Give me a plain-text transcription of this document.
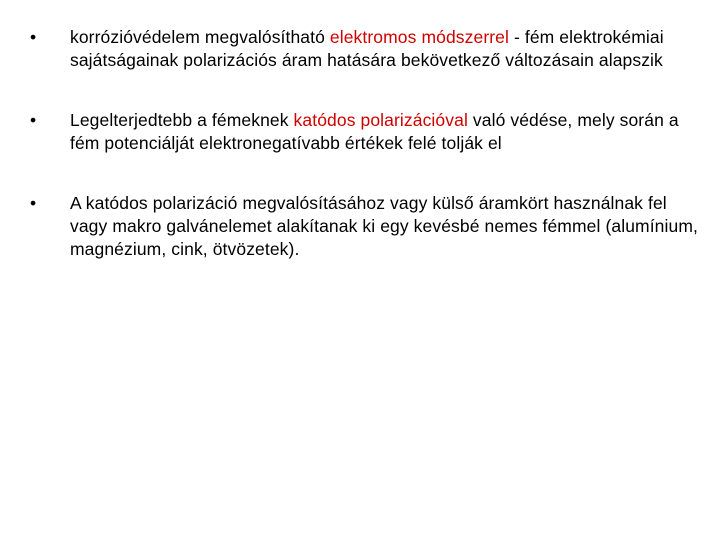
• korrózióvédelem megvalósítható elektromos módszerrel - fém elektrokémiai sajátságainak polarizációs áram hatására bekövetkező változásain alapszik
• Legelterjedtebb a fémeknek katódos polarizációval való védése, mely során a fém potenciálját elektronegatívabb értékek felé tolják el
• A katódos polarizáció megvalósításához vagy külső áramkört használnak fel vagy makro galvánelemet alakítanak ki egy kevésbé nemes fémmel (alumínium, magnézium, cink, ötvözetek).
